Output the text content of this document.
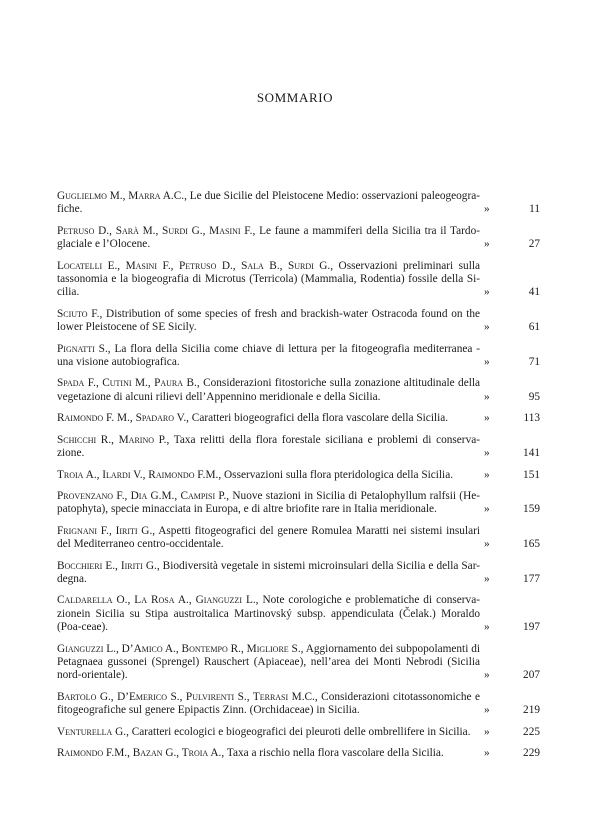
SOMMARIO
Guglielmo M., Marra A.C., Le due Sicilie del Pleistocene Medio: osservazioni paleogeogra-fiche.	»	11
Petruso D., Sarà M., Surdi G., Masini F., Le faune a mammiferi della Sicilia tra il Tardo-glaciale e l’Olocene.	»	27
Locatelli E., Masini F., Petruso D., Sala B., Surdi G., Osservazioni preliminari sulla tassonomia e la biogeografia di Microtus (Terricola) (Mammalia, Rodentia) fossile della Si-cilia.	»	41
Sciuto F., Distribution of some species of fresh and brackish-water Ostracoda found on the lower Pleistocene of SE Sicily.	»	61
Pignatti S., La flora della Sicilia come chiave di lettura per la fitogeografia mediterranea - una visione autobiografica.	»	71
Spada F., Cutini M., Paura B., Considerazioni fitostoriche sulla zonazione altitudinale della vegetazione di alcuni rilievi dell’Appennino meridionale e della Sicilia.	»	95
Raimondo F. M., Spadaro V., Caratteri biogeografici della flora vascolare della Sicilia.	»	113
Schicchi R., Marino P., Taxa relitti della flora forestale siciliana e problemi di conserva-zione.	»	141
Troia A., Ilardi V., Raimondo F.M., Osservazioni sulla flora pteridologica della Sicilia.	»	151
Provenzano F., Dia G.M., Campisi P., Nuove stazioni in Sicilia di Petalophyllum ralfsii (He-patophyta), specie minacciata in Europa, e di altre briofite rare in Italia meridionale.	»	159
Frignani F., Iiriti G., Aspetti fitogeografici del genere Romulea Maratti nei sistemi insulari del Mediterraneo centro-occidentale.	»	165
Bocchieri E., Iiriti G., Biodiversità vegetale in sistemi microinsulari della Sicilia e della Sar-degna.	»	177
Caldarella O., La Rosa A., Gianguzzi L., Note corologiche e problematiche di conserva-zionein Sicilia su Stipa austroitalica Martinovský subsp. appendiculata (Čelak.) Moraldo (Poa-ceae).	»	197
Gianguzzi L., D’Amico A., Bontempo R., Migliore S., Aggiornamento dei subpopolamenti di Petagnaea gussonei (Sprengel) Rauschert (Apiaceae), nell’area dei Monti Nebrodi (Sicilia nord-orientale).	»	207
Bartolo G., D’Emerico S., Pulvirenti S., Terrasi M.C., Considerazioni citotassonomiche e fitogeografiche sul genere Epipactis Zinn. (Orchidaceae) in Sicilia.	»	219
Venturella G., Caratteri ecologici e biogeografici dei pleuroti delle ombrellifere in Sicilia.	»	225
Raimondo F.M., Bazan G., Troia A., Taxa a rischio nella flora vascolare della Sicilia.	»	229
